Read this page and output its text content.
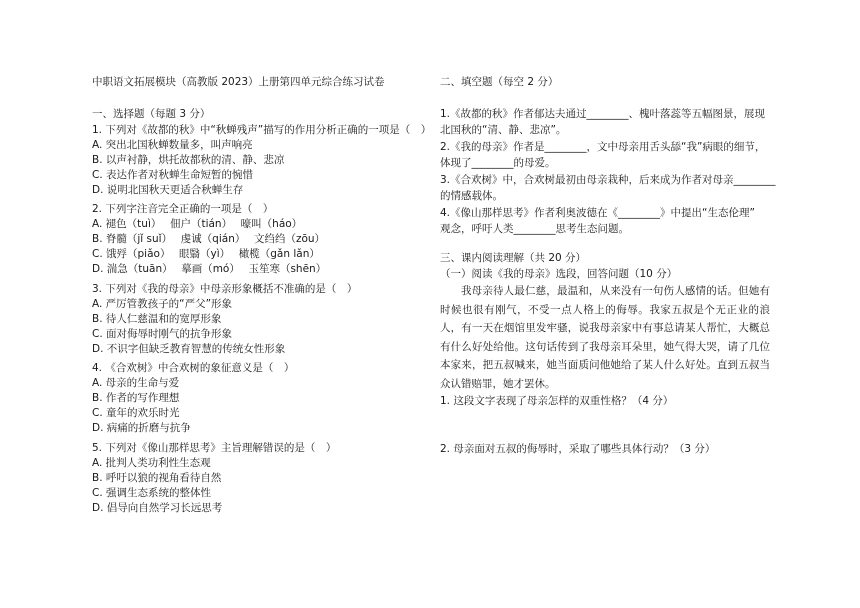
中职语文拓展模块（高教版 2023）上册第四单元综合练习试卷
一、选择题（每题 3 分）
1. 下列对《故都的秋》中“秋蝉残声”描写的作用分析正确的一项是（　）
A. 突出北国秋蝉数量多，叫声响亮
B. 以声衬静，烘托故都秋的清、静、悲凉
C. 表达作者对秋蝉生命短暂的惋惜
D. 说明北国秋天更适合秋蝉生存
2. 下列字注音完全正确的一项是（　）
A. 褪色（tuì）　 佃户（tián）　 嚎叫（háo）
B. 脊髓（jǐ suǐ）　 虔诚（qián）　 文绉绉（zōu）
C. 饿殍（piǎo）　 眼翳（yì）　 橄榄（gǎn lǎn）
D. 湍急（tuān）　 摹画（mó）　 玉笙寒（shēn）
3. 下列对《我的母亲》中母亲形象概括不准确的是（　）
A. 严厉管教孩子的“严父”形象
B. 待人仁慈温和的宽厚形象
C. 面对侮辱时刚气的抗争形象
D. 不识字但缺乏教育智慧的传统女性形象
4. 《合欢树》中合欢树的象征意义是（　）
A. 母亲的生命与爱
B. 作者的写作理想
C. 童年的欢乐时光
D. 病痛的折磨与抗争
5. 下列对《像山那样思考》主旨理解错误的是（　）
A. 批判人类功利性生态观
B. 呼吁以狼的视角看待自然
C. 强调生态系统的整体性
D. 倡导向自然学习长远思考
二、填空题（每空 2 分）
1.《故都的秋》作者郁达夫通过________、槐叶落蕊等五幅图景，展现
北国秋的“清、静、悲凉”。
2.《我的母亲》作者是________，文中母亲用舌头舔“我”病眼的细节，
体现了________的母爱。
3.《合欢树》中，合欢树最初由母亲栽种，后来成为作者对母亲________
的情感载体。
4.《像山那样思考》作者利奥波德在《________》中提出“生态伦理”
观念，呼吁人类________思考生态问题。
三、课内阅读理解（共 20 分）
（一）阅读《我的母亲》选段，回答问题（10 分）
我母亲待人最仁慈，最温和，从来没有一句伤人感情的话。但她有时候也很有刚气，不受一点人格上的侮辱。我家五叔是个无正业的浪人，有一天在烟馆里发牢骚，说我母亲家中有事总请某人帮忙，大概总有什么好处给他。这句话传到了我母亲耳朵里，她气得大哭，请了几位本家来，把五叔喊来，她当面质问他她给了某人什么好处。直到五叔当众认错赔罪，她才罢休。
1. 这段文字表现了母亲怎样的双重性格？（4 分）
2. 母亲面对五叔的侮辱时，采取了哪些具体行动？（3 分）
